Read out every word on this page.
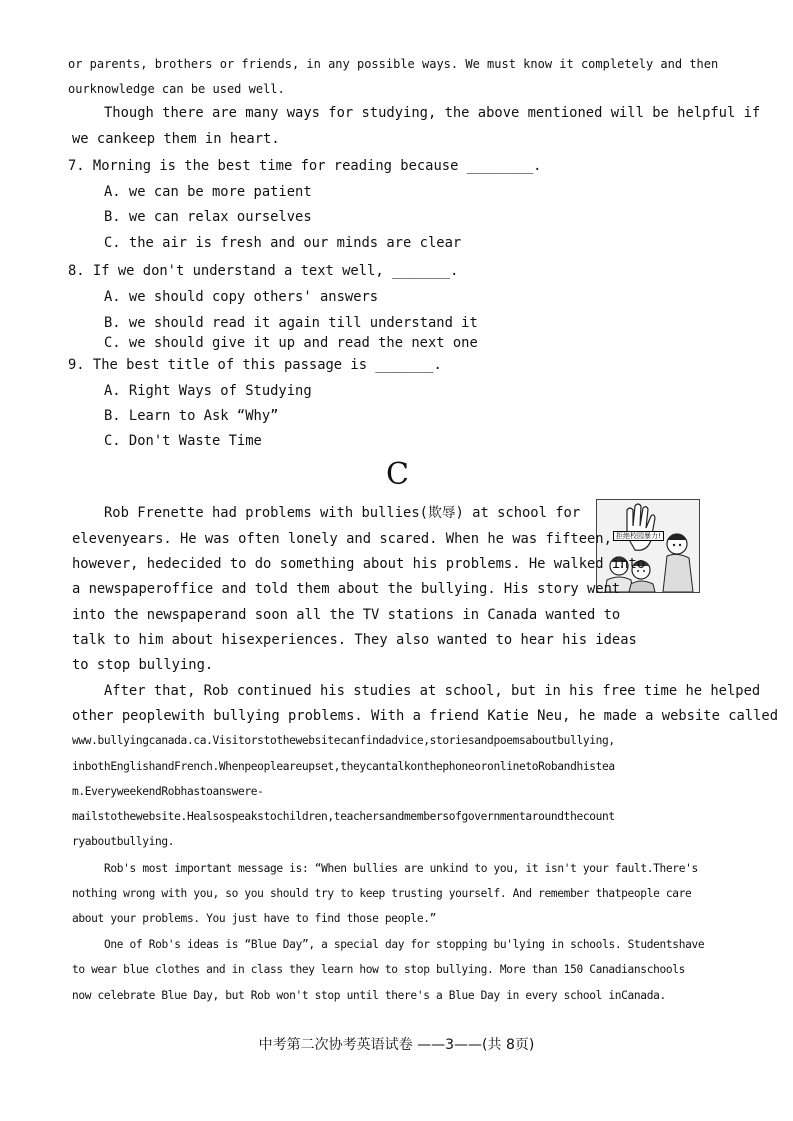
or parents, brothers or friends, in any possible ways. We must know it completely and then
ourknowledge can be used well.
Though there are many ways for studying, the above mentioned will be helpful if
we cankeep them in heart.
7. Morning is the best time for reading because ________.
A. we can be more patient
B. we can relax ourselves
C. the air is fresh and our minds are clear
8. If we don't understand a text well, _______.
A. we should copy others' answers
B. we should read it again till understand it
C. we should give it up and read the next one
9. The best title of this passage is _______.
A. Right Ways of Studying
B. Learn to Ask “Why”
C. Don't Waste Time
C
拒绝校园暴力!
Rob Frenette had problems with bullies(欺辱) at school for
elevenyears. He was often lonely and scared. When he was fifteen,
however, hedecided to do something about his problems. He walked into
a newspaperoffice and told them about the bullying. His story went
into the newspaperand soon all the TV stations in Canada wanted to
talk to him about hisexperiences. They also wanted to hear his ideas
to stop bullying.
After that, Rob continued his studies at school, but in his free time he helped
other peoplewith bullying problems. With a friend Katie Neu, he made a website called
www.bullyingcanada.ca.Visitorstothewebsitecanfindadvice,storiesandpoemsaboutbullying,
inbothEnglishandFrench.Whenpeopleareupset,theycantalkonthephoneoronlinetoRobandhistea
m.EveryweekendRobhastoanswere-
mailstothewebsite.Healsospeakstochildren,teachersandmembersofgovernmentaroundthecount
ryaboutbullying.
Rob's most important message is: “When bullies are unkind to you, it isn't your fault.There's
nothing wrong with you, so you should try to keep trusting yourself. And remember thatpeople care
about your problems. You just have to find those people.”
One of Rob's ideas is “Blue Day”, a special day for stopping bu'lying in schools. Studentshave
to wear blue clothes and in class they learn how to stop bullying. More than 150 Canadianschools
now celebrate Blue Day, but Rob won't stop until there's a Blue Day in every school inCanada.
中考第二次协考英语试卷 ——3——(共 8页)
